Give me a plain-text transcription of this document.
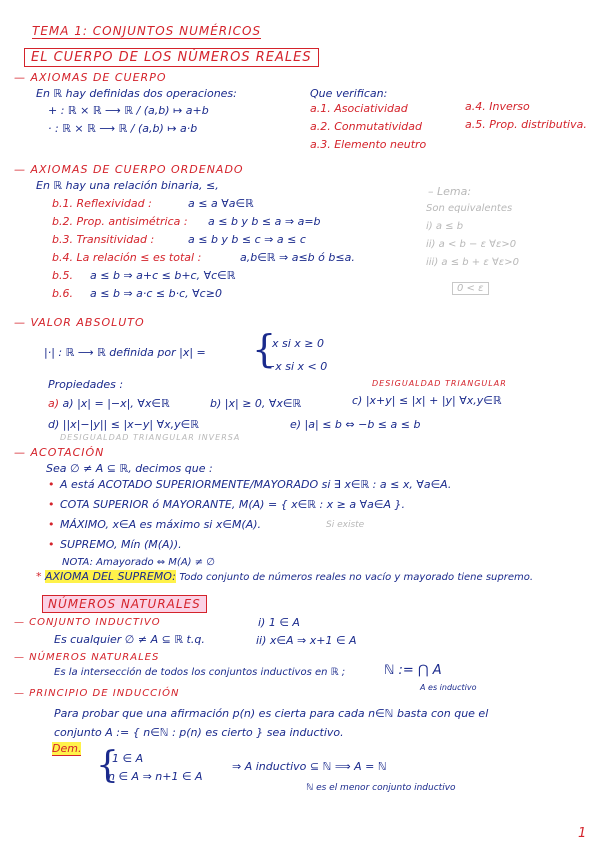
TEMA 1: CONJUNTOS NUMÉRICOS
EL CUERPO DE LOS NÚMEROS REALES
— AXIOMAS DE CUERPO
En ℝ hay definidas dos operaciones:
+ : ℝ × ℝ ⟶ ℝ / (a,b) ↦ a+b
· : ℝ × ℝ ⟶ ℝ / (a,b) ↦ a·b
Que verifican:
a.1. Asociatividad
a.2. Conmutatividad
a.3. Elemento neutro
a.4. Inverso
a.5. Prop. distributiva.
— AXIOMAS DE CUERPO ORDENADO
En ℝ hay una relación binaria, ≤,
b.1. Reflexividad :	a ≤ a ∀a∈ℝ
b.2. Prop. antisimétrica : a ≤ b y b ≤ a ⇒ a=b
b.3. Transitividad :	a ≤ b y b ≤ c ⇒ a ≤ c
b.4. La relación ≤ es total :	a,b∈ℝ ⇒ a≤b ó b≤a.
b.5. a ≤ b ⇒ a+c ≤ b+c, ∀c∈ℝ
b.6. a ≤ b ⇒ a·c ≤ b·c, ∀c≥0
– Lema:
Son equivalentes
i) a ≤ b
ii) a < b − ε ∀ε>0
iii) a ≤ b + ε ∀ε>0
0 < ε
— VALOR ABSOLUTO
|·| : ℝ ⟶ ℝ definida por |x| = {
x si x ≥ 0
−x si x < 0
Propiedades :	DESIGUALDAD TRIANGULAR
a) a) |x| = |−x|, ∀x∈ℝ	b) |x| ≥ 0, ∀x∈ℝ	c) |x+y| ≤ |x| + |y| ∀x,y∈ℝ
d) ||x|−|y|| ≤ |x−y| ∀x,y∈ℝ	e) |a| ≤ b ⇔ −b ≤ a ≤ b
DESIGUALDAD TRIANGULAR INVERSA
— ACOTACIÓN
Sea ∅ ≠ A ⊆ ℝ, decimos que :
• A está ACOTADO SUPERIORMENTE/MAYORADO si ∃ x∈ℝ : a ≤ x, ∀a∈A.
• COTA SUPERIOR ó MAYORANTE, M(A) = { x∈ℝ : x ≥ a ∀a∈A }.
• MÁXIMO, x∈A es máximo si x∈M(A).	Si existe
• SUPREMO, Mín (M(A)).
NOTA: Amayorado ⇔ M(A) ≠ ∅
* AXIOMA DEL SUPREMO: Todo conjunto de números reales no vacío y mayorado tiene supremo.
NÚMEROS NATURALES
— CONJUNTO INDUCTIVO
Es cualquier ∅ ≠ A ⊆ ℝ t.q.
i) 1 ∈ A
ii) x∈A ⇒ x+1 ∈ A
— NÚMEROS NATURALES
Es la intersección de todos los conjuntos inductivos en ℝ ;	ℕ := ⋂ A
A es inductivo
— PRINCIPIO DE INDUCCIÓN
Para probar que una afirmación p(n) es cierta para cada n∈ℕ basta con que el
conjunto A := { n∈ℕ : p(n) es cierto } sea inductivo.
Dem. {
1 ∈ A
n ∈ A ⇒ n+1 ∈ A
⇒ A inductivo ⊆ ℕ ⟹ A = ℕ
ℕ es el menor conjunto inductivo
1
